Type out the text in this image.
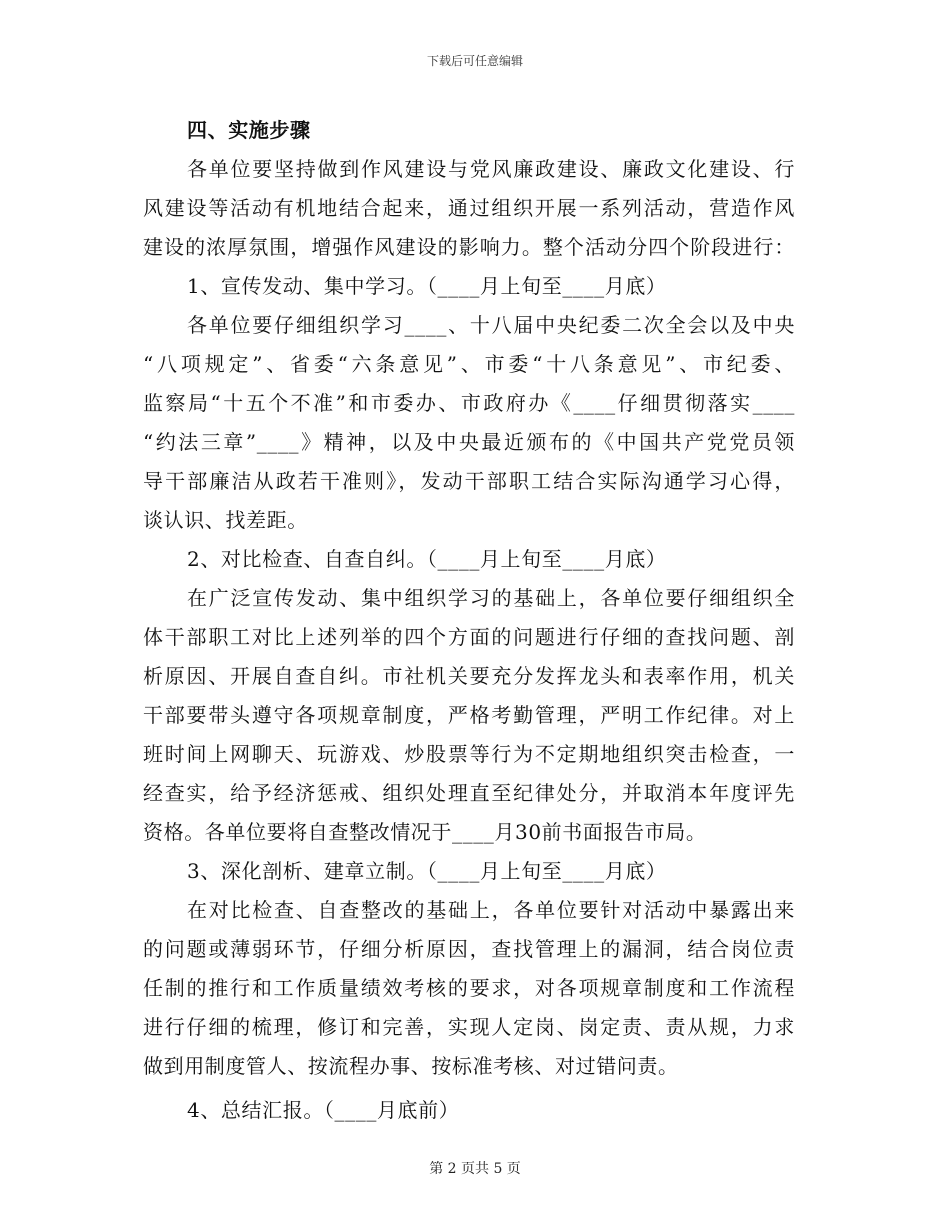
下载后可任意编辑
四、实施步骤
各单位要坚持做到作风建设与党风廉政建设、廉政文化建设、行
风建设等活动有机地结合起来，通过组织开展一系列活动，营造作风
建设的浓厚氛围，增强作风建设的影响力。整个活动分四个阶段进行：
1、宣传发动、集中学习。（____月上旬至____月底）
各单位要仔细组织学习____、十八届中央纪委二次全会以及中央
“八项规定”、省委“六条意见”、市委“十八条意见”、市纪委、
监察局“十五个不准”和市委办、市政府办《____仔细贯彻落实____
“约法三章”____》精神，以及中央最近颁布的《中国共产党党员领
导干部廉洁从政若干准则》，发动干部职工结合实际沟通学习心得，
谈认识、找差距。
2、对比检查、自查自纠。（____月上旬至____月底）
在广泛宣传发动、集中组织学习的基础上，各单位要仔细组织全
体干部职工对比上述列举的四个方面的问题进行仔细的查找问题、剖
析原因、开展自查自纠。市社机关要充分发挥龙头和表率作用，机关
干部要带头遵守各项规章制度，严格考勤管理，严明工作纪律。对上
班时间上网聊天、玩游戏、炒股票等行为不定期地组织突击检查，一
经查实，给予经济惩戒、组织处理直至纪律处分，并取消本年度评先
资格。各单位要将自查整改情况于____月30前书面报告市局。
3、深化剖析、建章立制。（____月上旬至____月底）
在对比检查、自查整改的基础上，各单位要针对活动中暴露出来
的问题或薄弱环节，仔细分析原因，查找管理上的漏洞，结合岗位责
任制的推行和工作质量绩效考核的要求，对各项规章制度和工作流程
进行仔细的梳理，修订和完善，实现人定岗、岗定责、责从规，力求
做到用制度管人、按流程办事、按标准考核、对过错问责。
4、总结汇报。（____月底前）
第 2 页共 5 页
